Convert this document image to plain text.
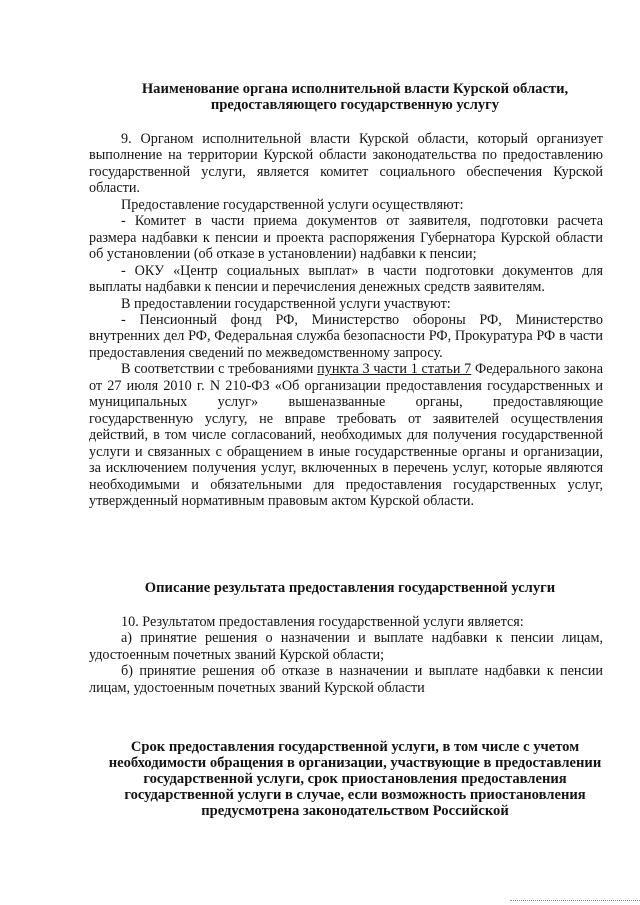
Наименование органа исполнительной власти Курской области, предоставляющего государственную услугу

9. Органом исполнительной власти Курской области, который организует выполнение на территории Курской области законодательства по предоставлению государственной услуги, является комитет социального обеспечения Курской области.

Предоставление государственной услуги осуществляют:

- Комитет в части приема документов от заявителя, подготовки расчета размера надбавки к пенсии и проекта распоряжения Губернатора Курской области об установлении (об отказе в установлении) надбавки к пенсии;

- ОКУ «Центр социальных выплат» в части подготовки документов для выплаты надбавки к пенсии и перечисления денежных средств заявителям.

В предоставлении государственной услуги участвуют:

- Пенсионный фонд РФ, Министерство обороны РФ, Министерство внутренних дел РФ, Федеральная служба безопасности РФ, Прокуратура РФ в части предоставления сведений по межведомственному запросу.

В соответствии с требованиями пункта 3 части 1 статьи 7 Федерального закона от 27 июля 2010 г. N 210-ФЗ «Об организации предоставления государственных и муниципальных услуг» вышеназванные органы, предоставляющие государственную услугу, не вправе требовать от заявителей осуществления действий, в том числе согласований, необходимых для получения государственной услуги и связанных с обращением в иные государственные органы и организации, за исключением получения услуг, включенных в перечень услуг, которые являются необходимыми и обязательными для предоставления государственных услуг, утвержденный нормативным правовым актом Курской области.

Описание результата предоставления государственной услуги

10. Результатом предоставления государственной услуги является:

а) принятие решения о назначении и выплате надбавки к пенсии лицам, удостоенным почетных званий Курской области;

б) принятие решения об отказе в назначении и выплате надбавки к пенсии лицам, удостоенным почетных званий Курской области

Срок предоставления государственной услуги, в том числе с учетом необходимости обращения в организации, участвующие в предоставлении государственной услуги, срок приостановления предоставления государственной услуги в случае, если возможность приостановления предусмотрена законодательством Российской
